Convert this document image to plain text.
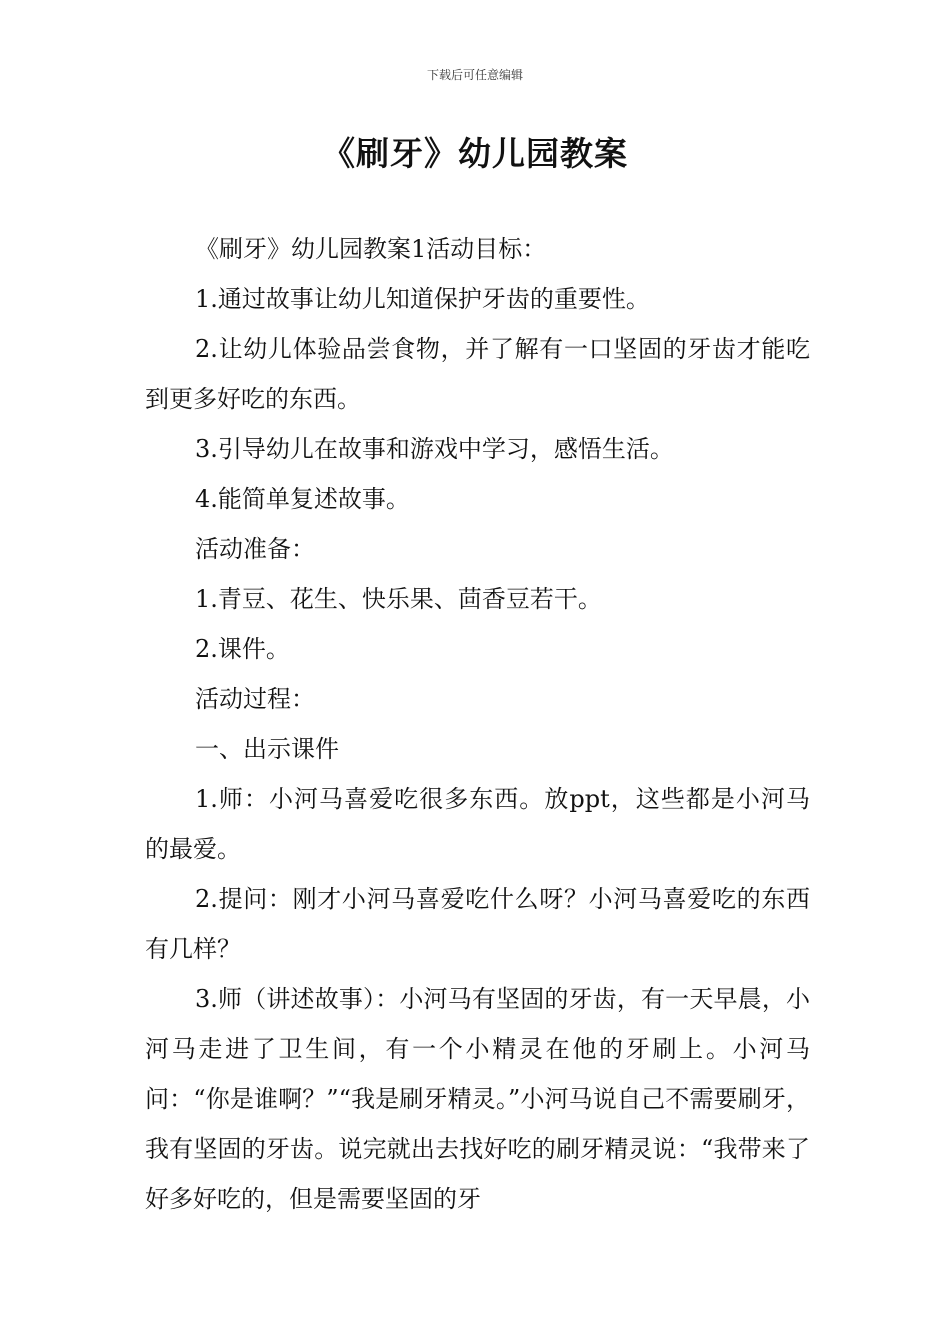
下载后可任意编辑
《刷牙》幼儿园教案

《刷牙》幼儿园教案1活动目标：

1.通过故事让幼儿知道保护牙齿的重要性。

2.让幼儿体验品尝食物，并了解有一口坚固的牙齿才能吃到更多好吃的东西。

3.引导幼儿在故事和游戏中学习，感悟生活。

4.能简单复述故事。

活动准备：

1.青豆、花生、快乐果、茴香豆若干。

2.课件。

活动过程：

一、出示课件

1.师：小河马喜爱吃很多东西。放ppt，这些都是小河马的最爱。

2.提问：刚才小河马喜爱吃什么呀？小河马喜爱吃的东西有几样？

3.师（讲述故事）：小河马有坚固的牙齿，有一天早晨，小河马走进了卫生间，有一个小精灵在他的牙刷上。小河马问：“你是谁啊？”“我是刷牙精灵。”小河马说自己不需要刷牙，我有坚固的牙齿。说完就出去找好吃的刷牙精灵说：“我带来了好多好吃的，但是需要坚固的牙
